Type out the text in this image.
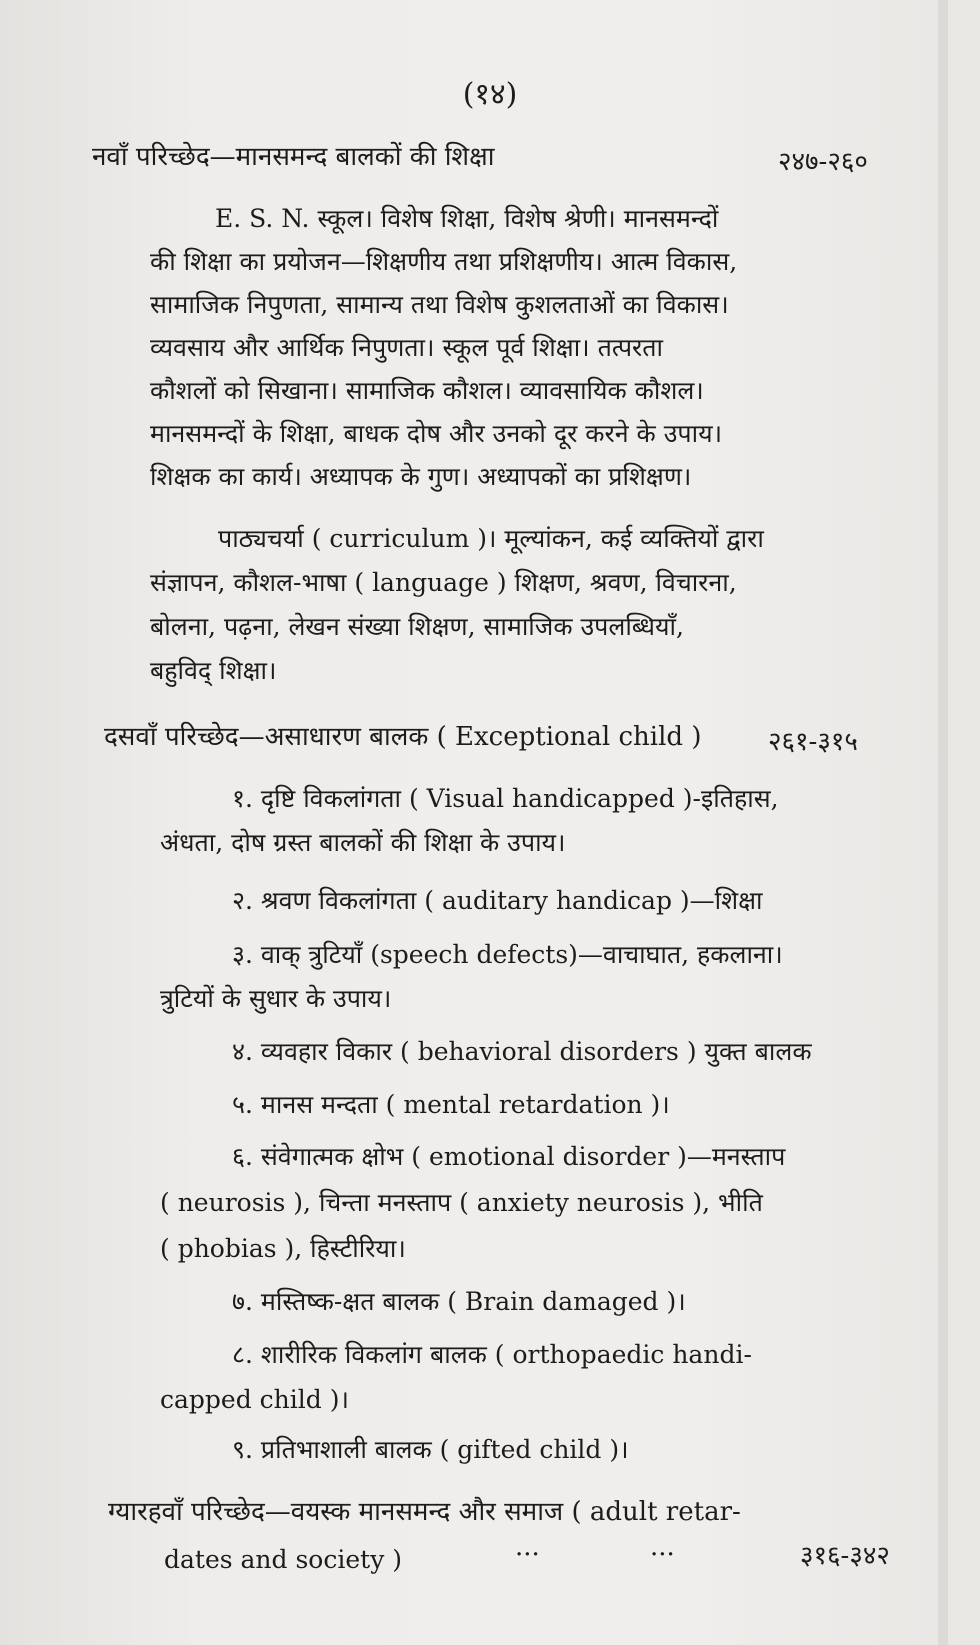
(१४)
नवाँ परिच्छेद—मानसमन्द बालकों की शिक्षा	२४७-२६०
E. S. N. स्कूल। विशेष शिक्षा, विशेष श्रेणी। मानसमन्दों
की शिक्षा का प्रयोजन—शिक्षणीय तथा प्रशिक्षणीय। आत्म विकास,
सामाजिक निपुणता, सामान्य तथा विशेष कुशलताओं का विकास।
व्यवसाय और आर्थिक निपुणता। स्कूल पूर्व शिक्षा। तत्परता
कौशलों को सिखाना। सामाजिक कौशल। व्यावसायिक कौशल।
मानसमन्दों के शिक्षा, बाधक दोष और उनको दूर करने के उपाय।
शिक्षक का कार्य। अध्यापक के गुण। अध्यापकों का प्रशिक्षण।
पाठ्यचर्या ( curriculum )। मूल्यांकन, कई व्यक्तियों द्वारा
संज्ञापन, कौशल-भाषा ( language ) शिक्षण, श्रवण, विचारना,
बोलना, पढ़ना, लेखन संख्या शिक्षण, सामाजिक उपलब्धियाँ,
बहुविद् शिक्षा।
दसवाँ परिच्छेद—असाधारण बालक ( Exceptional child )	२६१-३१५
१. दृष्टि विकलांगता ( Visual handicapped )-इतिहास,
अंधता, दोष ग्रस्त बालकों की शिक्षा के उपाय।
२. श्रवण विकलांगता ( auditary handicap )—शिक्षा
३. वाक् त्रुटियाँ (speech defects)—वाचाघात, हकलाना।
त्रुटियों के सुधार के उपाय।
४. व्यवहार विकार ( behavioral disorders ) युक्त बालक
५. मानस मन्दता ( mental retardation )।
६. संवेगात्मक क्षोभ ( emotional disorder )—मनस्ताप
( neurosis ), चिन्ता मनस्ताप ( anxiety neurosis ), भीति
( phobias ), हिस्टीरिया।
७. मस्तिष्क-क्षत बालक ( Brain damaged )।
८. शारीरिक विकलांग बालक ( orthopaedic handi-
capped child )।
९. प्रतिभाशाली बालक ( gifted child )।
ग्यारहवाँ परिच्छेद—वयस्क मानसमन्द और समाज ( adult retar-
dates and society )	···	···	३१६-३४२
